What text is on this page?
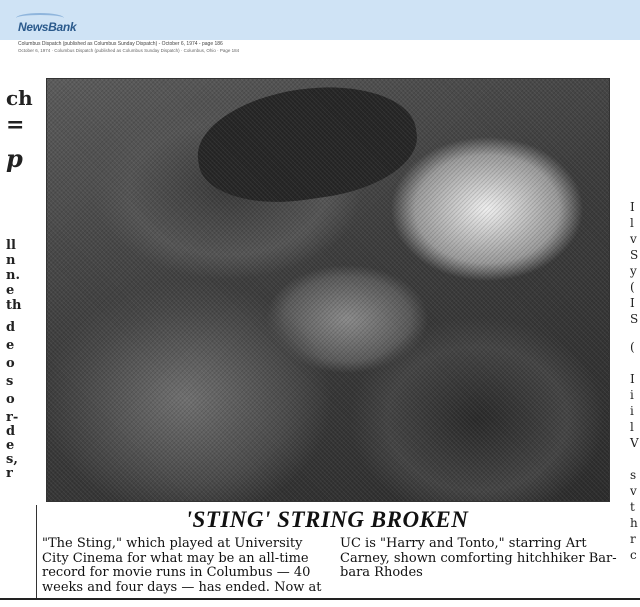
NewsBank
Columbus Dispatch (published as Columbus Sunday Dispatch) - October 6, 1974 - page 186
October 6, 1974 · Columbus Dispatch (published as Columbus Sunday Dispatch) · Columbus, Ohio · Page 184
ch
=
p
ll
n
n.
e
th
d
e
o
s
o
r-
d
e
s,
r
I
l
v
S
y
(
I
S
(
I
i
i
l
V
s
v
t
h
r
c
'STING' STRING BROKEN
"The Sting," which played at University
City Cinema for what may be an all-time
record for movie runs in Columbus — 40
weeks and four days — has ended. Now at
UC is "Harry and Tonto," starring Art
Carney, shown comforting hitchhiker Bar-
bara Rhodes
